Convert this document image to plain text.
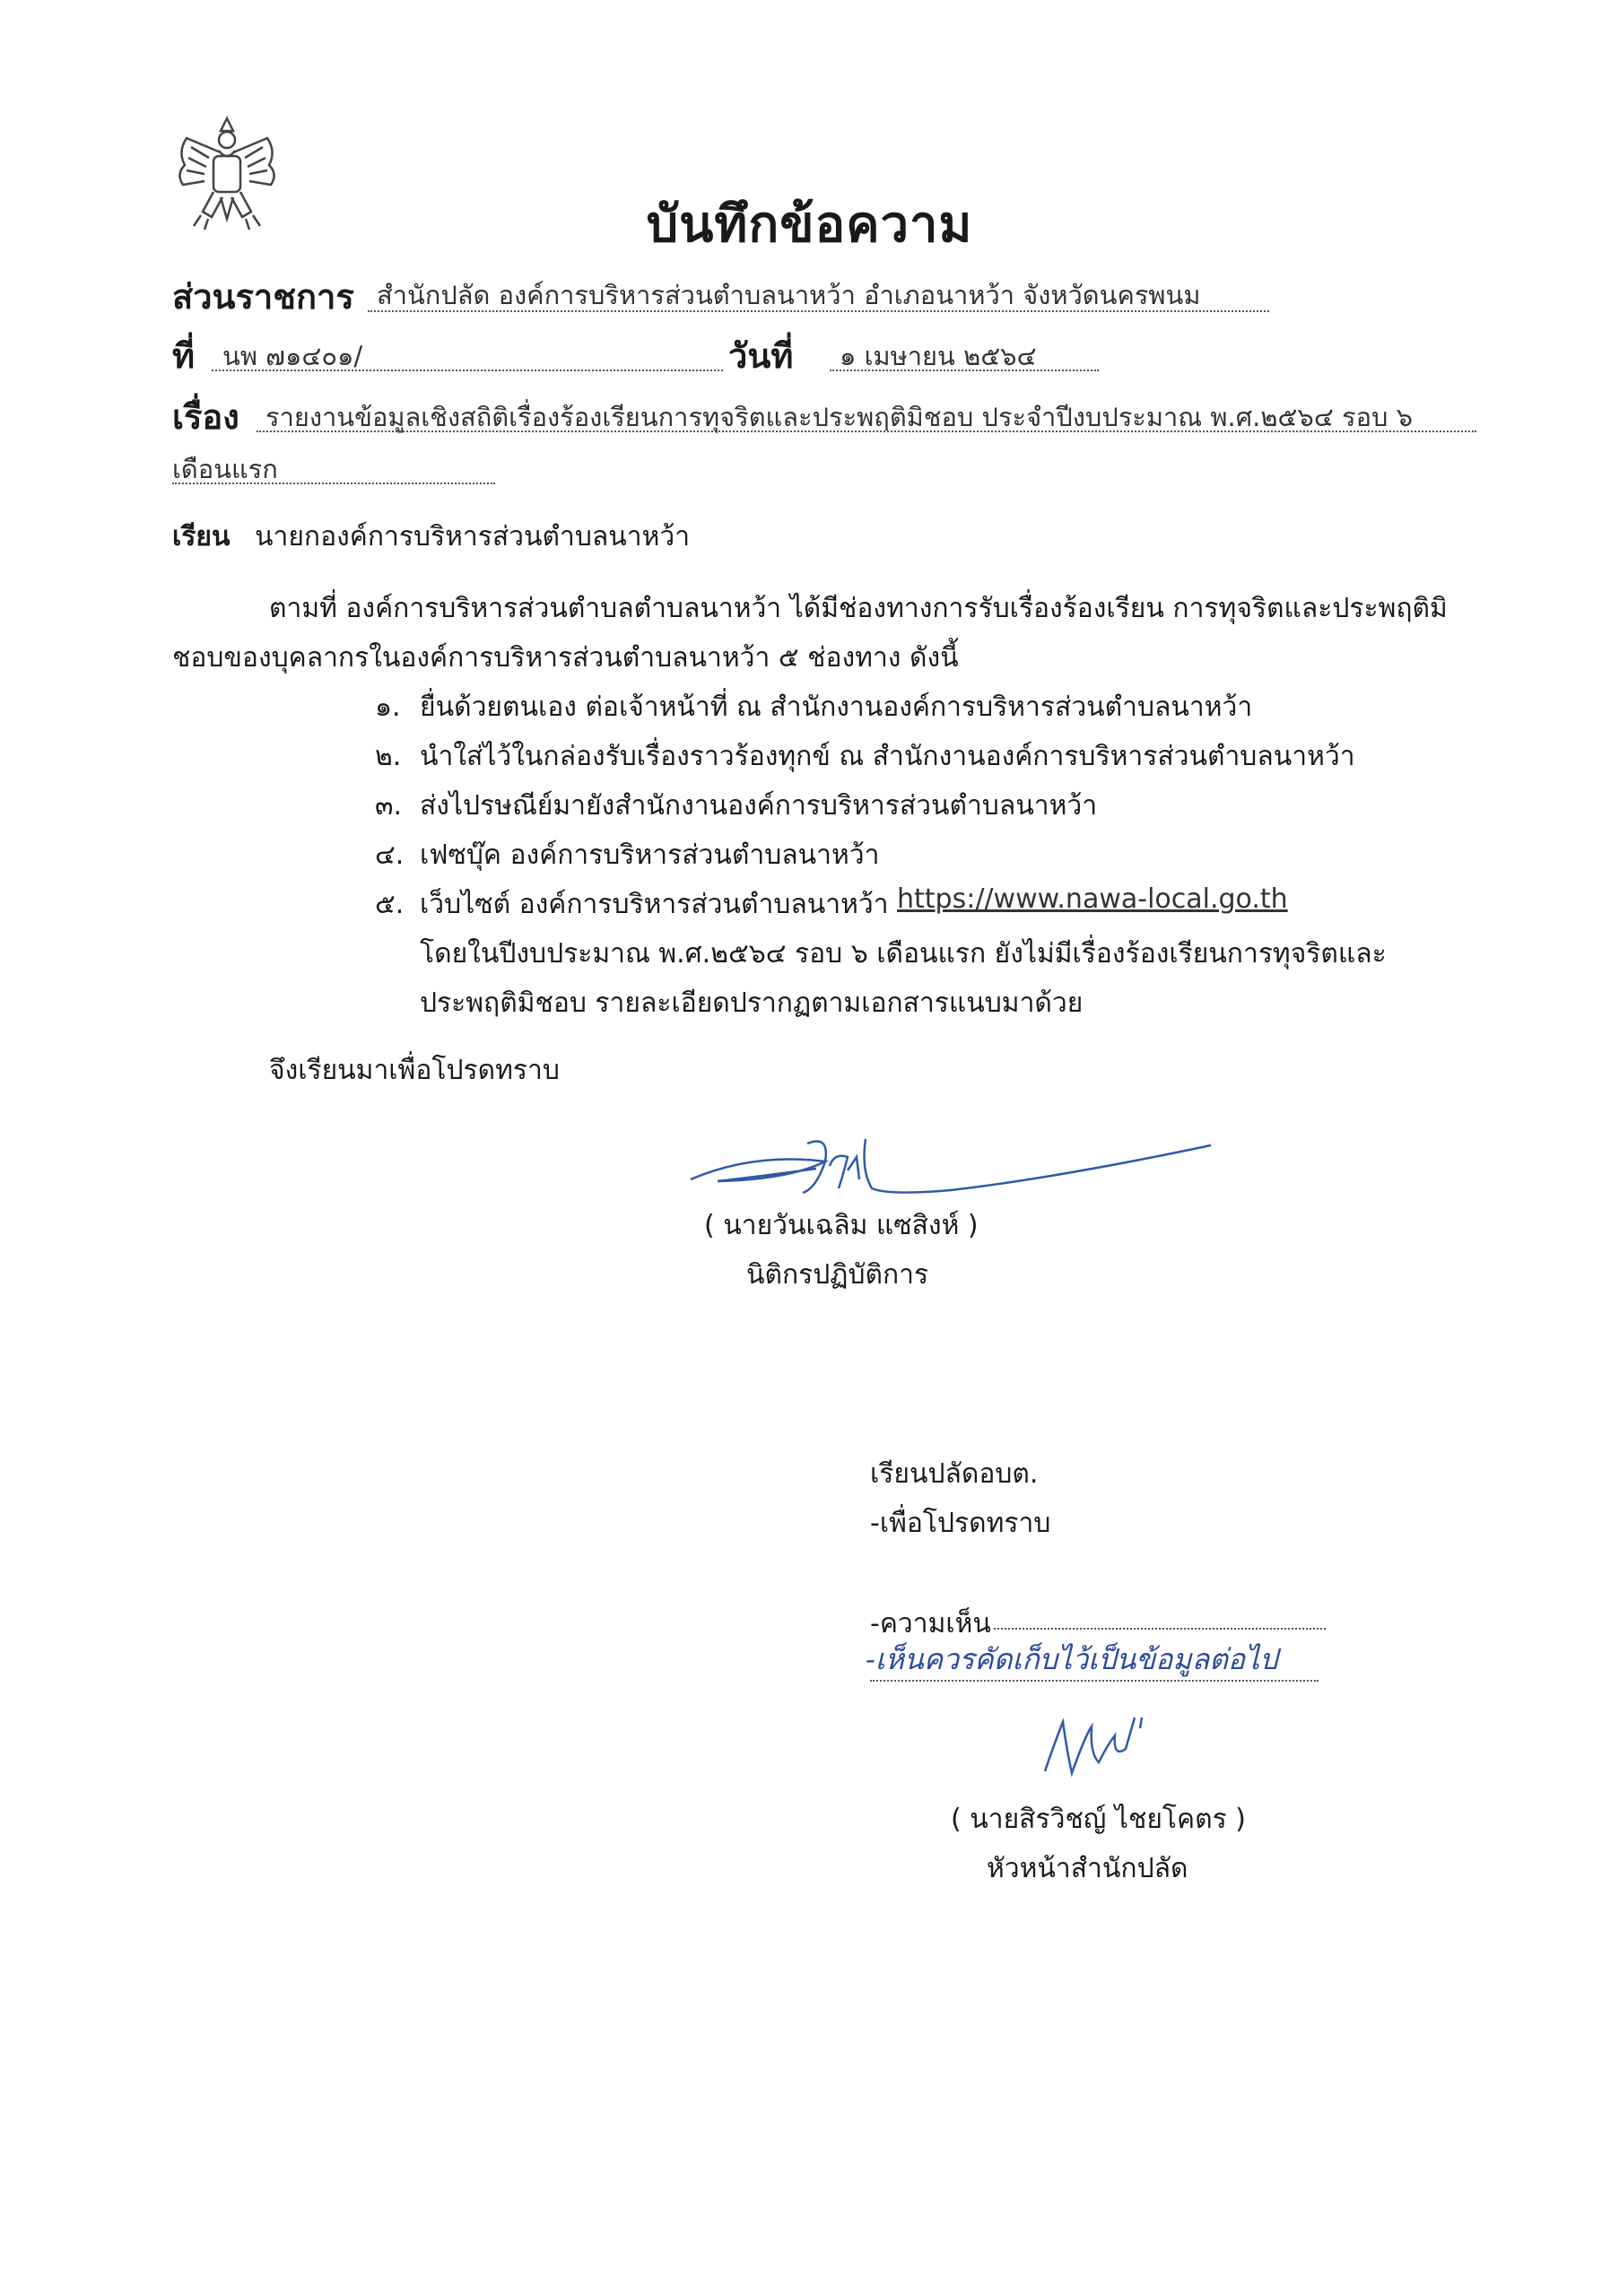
บันทึกข้อความ
ส่วนราชการ สำนักปลัด องค์การบริหารส่วนตำบลนาหว้า อำเภอนาหว้า จังหวัดนครพนม
ที่ นพ ๗๑๔๐๑/	วันที่ ๑ เมษายน ๒๕๖๔
เรื่อง รายงานข้อมูลเชิงสถิติเรื่องร้องเรียนการทุจริตและประพฤติมิชอบ ประจำปีงบประมาณ พ.ศ.๒๕๖๔ รอบ ๖
เดือนแรก
เรียน นายกองค์การบริหารส่วนตำบลนาหว้า
ตามที่ องค์การบริหารส่วนตำบลตำบลนาหว้า ได้มีช่องทางการรับเรื่องร้องเรียน การทุจริตและประพฤติมิ
ชอบของบุคลากรในองค์การบริหารส่วนตำบลนาหว้า ๕ ช่องทาง ดังนี้
๑. ยื่นด้วยตนเอง ต่อเจ้าหน้าที่ ณ สำนักงานองค์การบริหารส่วนตำบลนาหว้า
๒. นำใส่ไว้ในกล่องรับเรื่องราวร้องทุกข์ ณ สำนักงานองค์การบริหารส่วนตำบลนาหว้า
๓. ส่งไปรษณีย์มายังสำนักงานองค์การบริหารส่วนตำบลนาหว้า
๔. เฟซบุ๊ค องค์การบริหารส่วนตำบลนาหว้า
๕. เว็บไซต์ องค์การบริหารส่วนตำบลนาหว้า https://www.nawa-local.go.th
โดยในปีงบประมาณ พ.ศ.๒๕๖๔ รอบ ๖ เดือนแรก ยังไม่มีเรื่องร้องเรียนการทุจริตและ
ประพฤติมิชอบ รายละเอียดปรากฏตามเอกสารแนบมาด้วย
จึงเรียนมาเพื่อโปรดทราบ
( นายวันเฉลิม แซสิงห์ )
นิติกรปฏิบัติการ
เรียนปลัดอบต.
-เพื่อโปรดทราบ
-ความเห็น
-เห็นควรคัดเก็บไว้เป็นข้อมูลต่อไป
( นายสิรวิชญ์ ไชยโคตร )
หัวหน้าสำนักปลัด
